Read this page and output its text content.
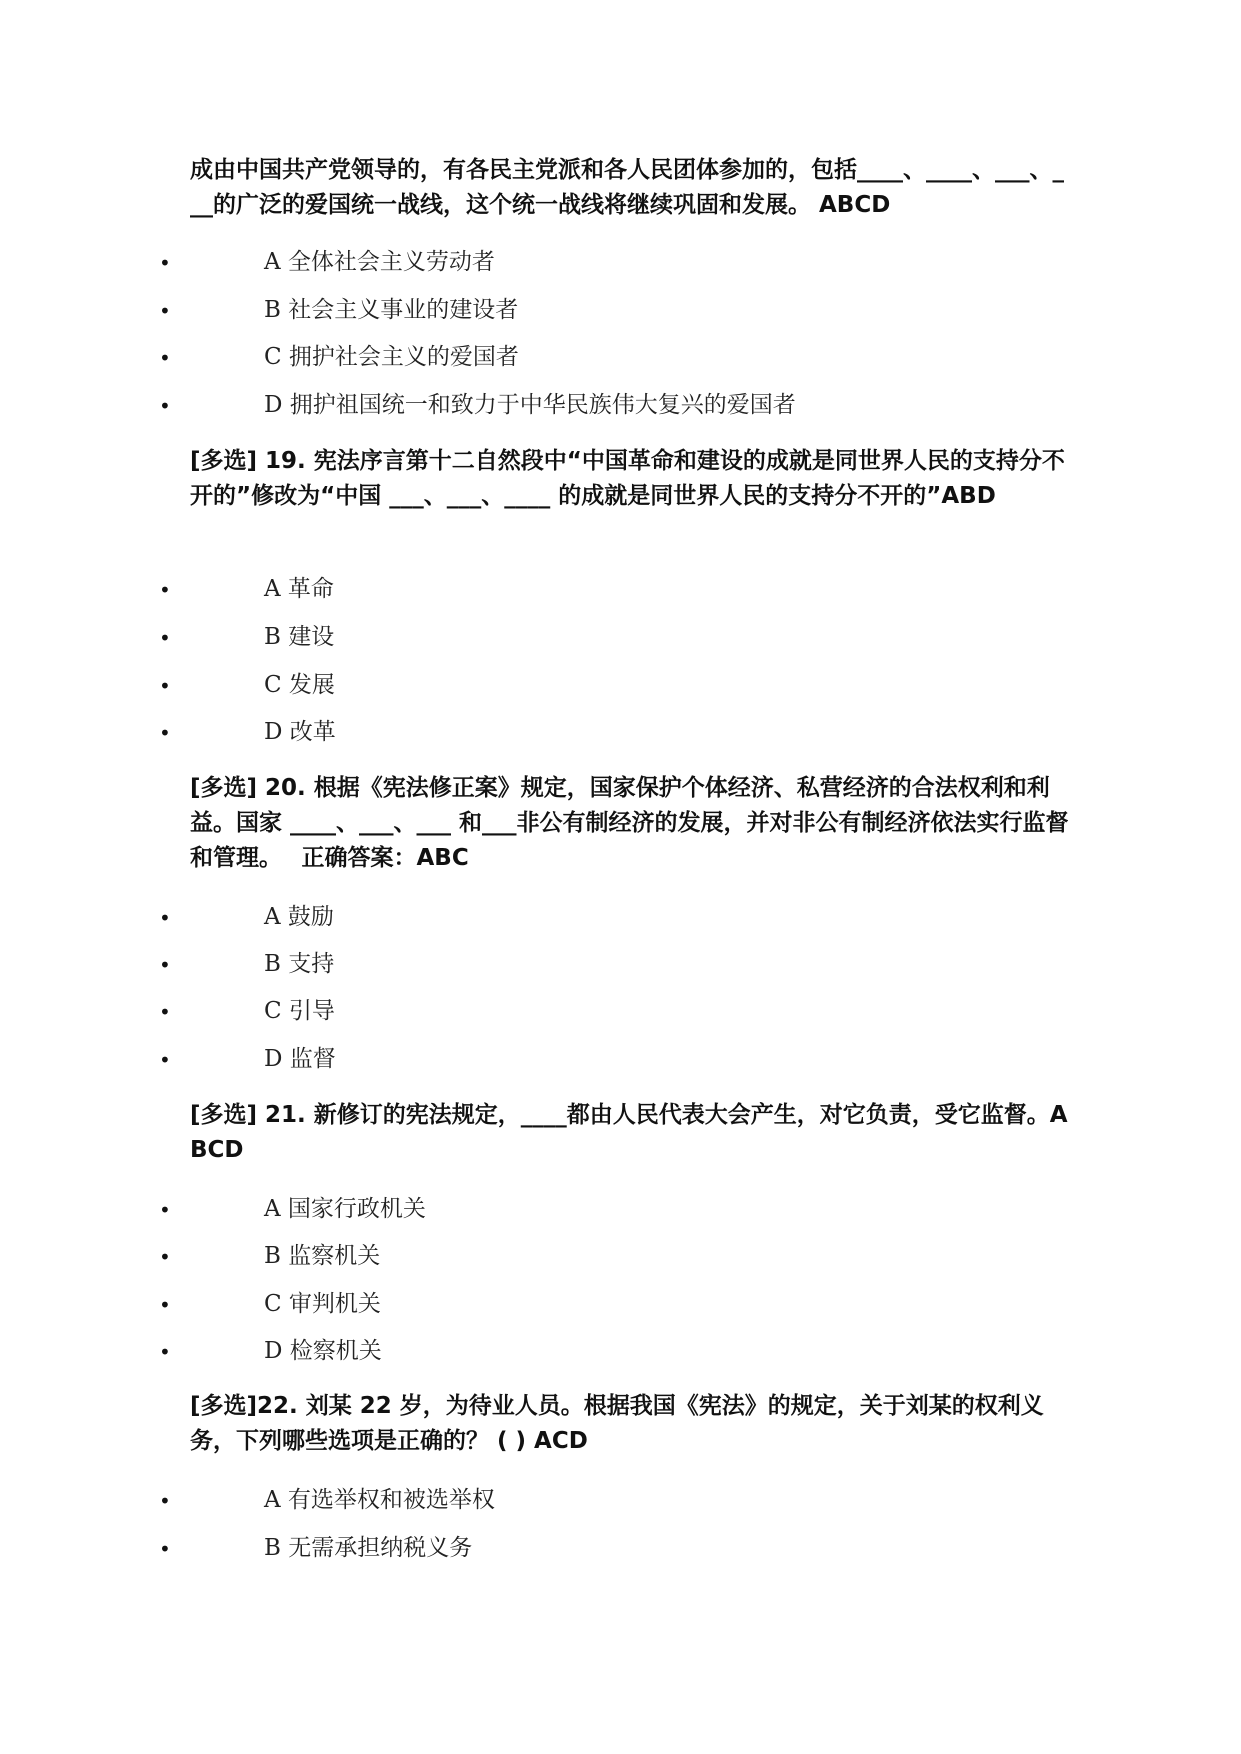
成由中国共产党领导的，有各民主党派和各人民团体参加的，包括____、____、___、___的广泛的爱国统一战线，这个统一战线将继续巩固和发展。 ABCD

•	A 全体社会主义劳动者
•	B 社会主义事业的建设者
•	C 拥护社会主义的爱国者
•	D 拥护祖国统一和致力于中华民族伟大复兴的爱国者

[多选] 19. 宪法序言第十二自然段中“中国革命和建设的成就是同世界人民的支持分不开的”修改为“中国 ___、___、____ 的成就是同世界人民的支持分不开的”ABD

•	A 革命
•	B 建设
•	C 发展
•	D 改革

[多选] 20. 根据《宪法修正案》规定，国家保护个体经济、私营经济的合法权利和利益。国家 ____、___、___ 和___非公有制经济的发展，并对非公有制经济依法实行监督和管理。　 正确答案：ABC

•	A 鼓励
•	B 支持
•	C 引导
•	D 监督

[多选] 21. 新修订的宪法规定，____都由人民代表大会产生，对它负责，受它监督。ABCD

•	A 国家行政机关
•	B 监察机关
•	C 审判机关
•	D 检察机关

[多选]22. 刘某 22 岁，为待业人员。根据我国《宪法》的规定，关于刘某的权利义务，下列哪些选项是正确的？ ( ) ACD

•	A 有选举权和被选举权
•	B 无需承担纳税义务
